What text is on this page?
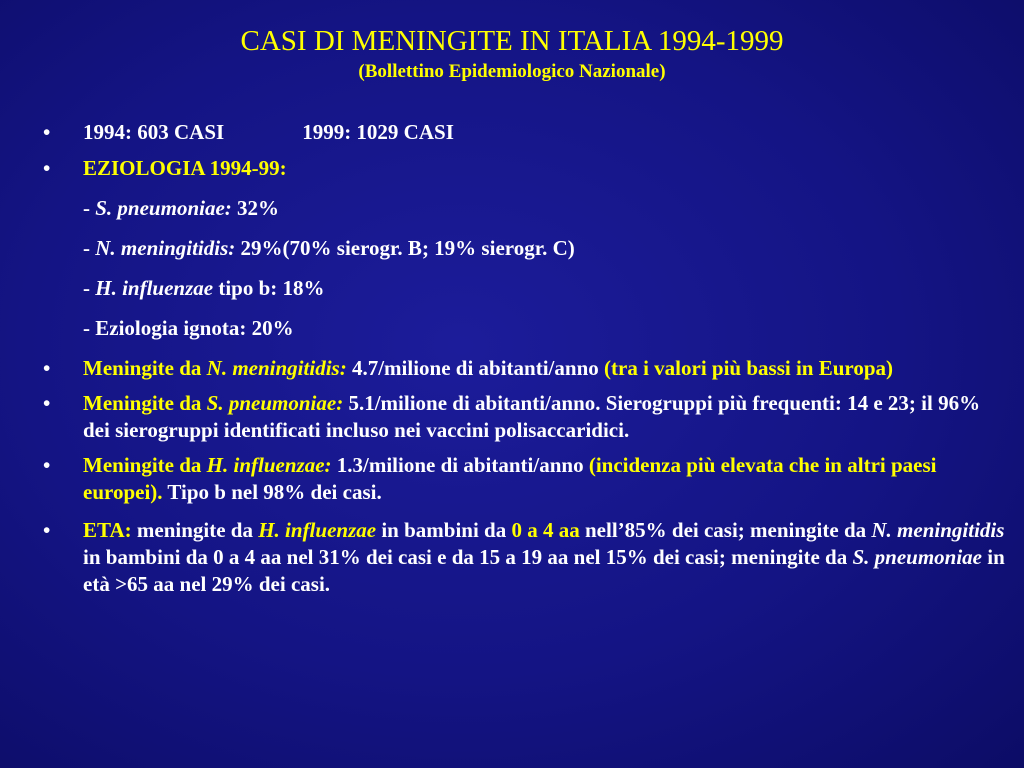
CASI DI MENINGITE IN ITALIA 1994-1999
(Bollettino Epidemiologico Nazionale)
• 1994: 603 CASI	1999: 1029 CASI
• EZIOLOGIA 1994-99:
- S. pneumoniae: 32%
- N. meningitidis: 29%(70% sierogr. B; 19% sierogr. C)
- H. influenzae tipo b: 18%
- Eziologia ignota: 20%
• Meningite da N. meningitidis: 4.7/milione di abitanti/anno (tra i valori più bassi in Europa)
• Meningite da S. pneumoniae: 5.1/milione di abitanti/anno. Sierogruppi più frequenti: 14 e 23; il 96% dei sierogruppi identificati incluso nei vaccini polisaccaridici.
• Meningite da H. influenzae: 1.3/milione di abitanti/anno (incidenza più elevata che in altri paesi europei). Tipo b nel 98% dei casi.
• ETA: meningite da H. influenzae in bambini da 0 a 4 aa nell’85% dei casi; meningite da N. meningitidis in bambini da 0 a 4 aa nel 31% dei casi e da 15 a 19 aa nel 15% dei casi; meningite da S. pneumoniae in età >65 aa nel 29% dei casi.
